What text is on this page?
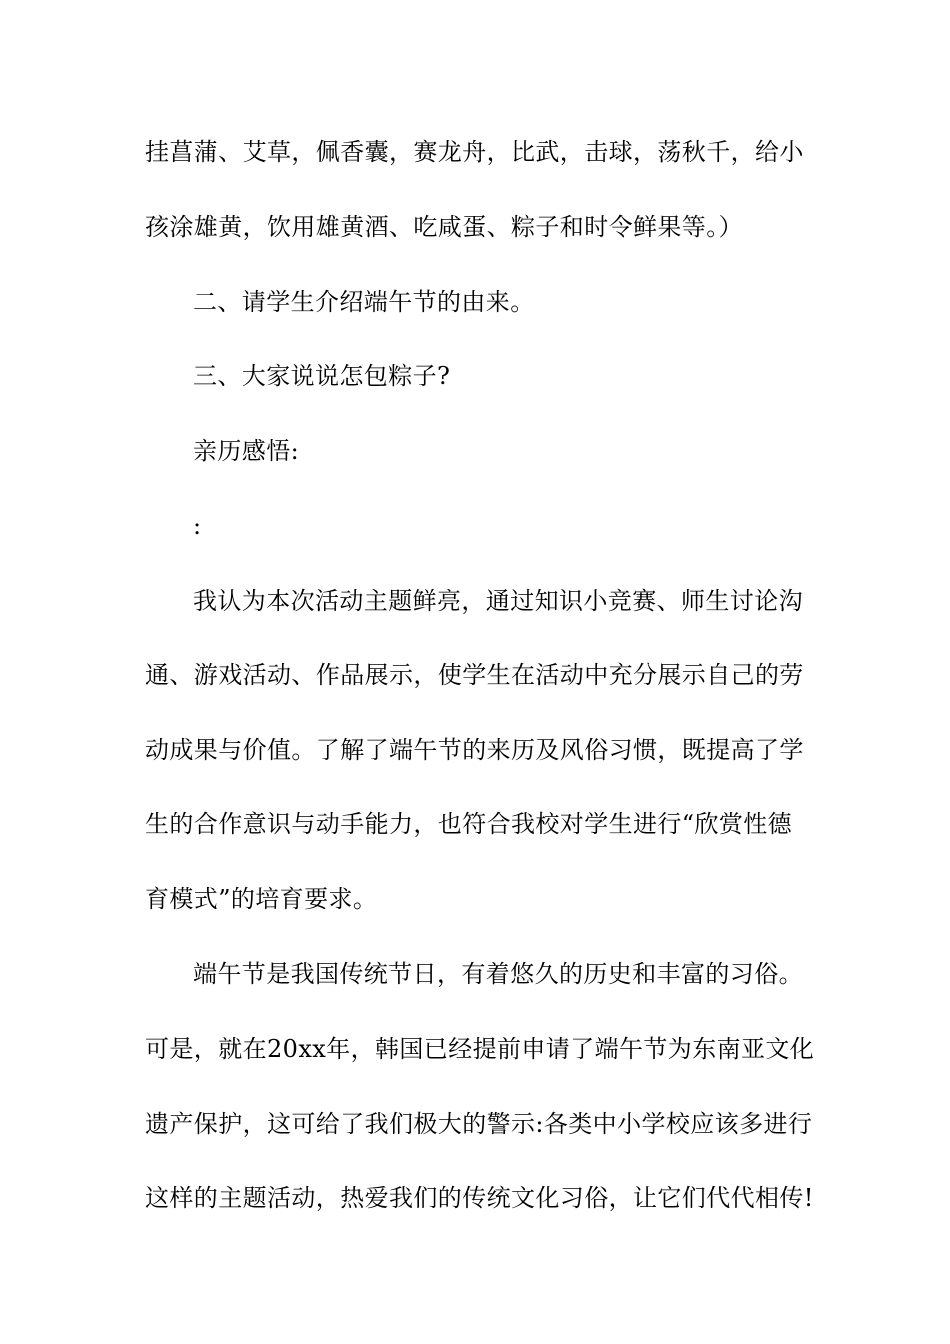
挂菖蒲、艾草，佩香囊，赛龙舟，比武，击球，荡秋千，给小
孩涂雄黄，饮用雄黄酒、吃咸蛋、粽子和时令鲜果等。）
二、请学生介绍端午节的由来。
三、大家说说怎包粽子?
亲历感悟:
:
我认为本次活动主题鲜亮，通过知识小竞赛、师生讨论沟
通、游戏活动、作品展示，使学生在活动中充分展示自己的劳
动成果与价值。了解了端午节的来历及风俗习惯，既提高了学
生的合作意识与动手能力，也符合我校对学生进行“欣赏性德
育模式”的培育要求。
端午节是我国传统节日，有着悠久的历史和丰富的习俗。
可是，就在20xx年，韩国已经提前申请了端午节为东南亚文化
遗产保护，这可给了我们极大的警示:各类中小学校应该多进行
这样的主题活动，热爱我们的传统文化习俗，让它们代代相传!
